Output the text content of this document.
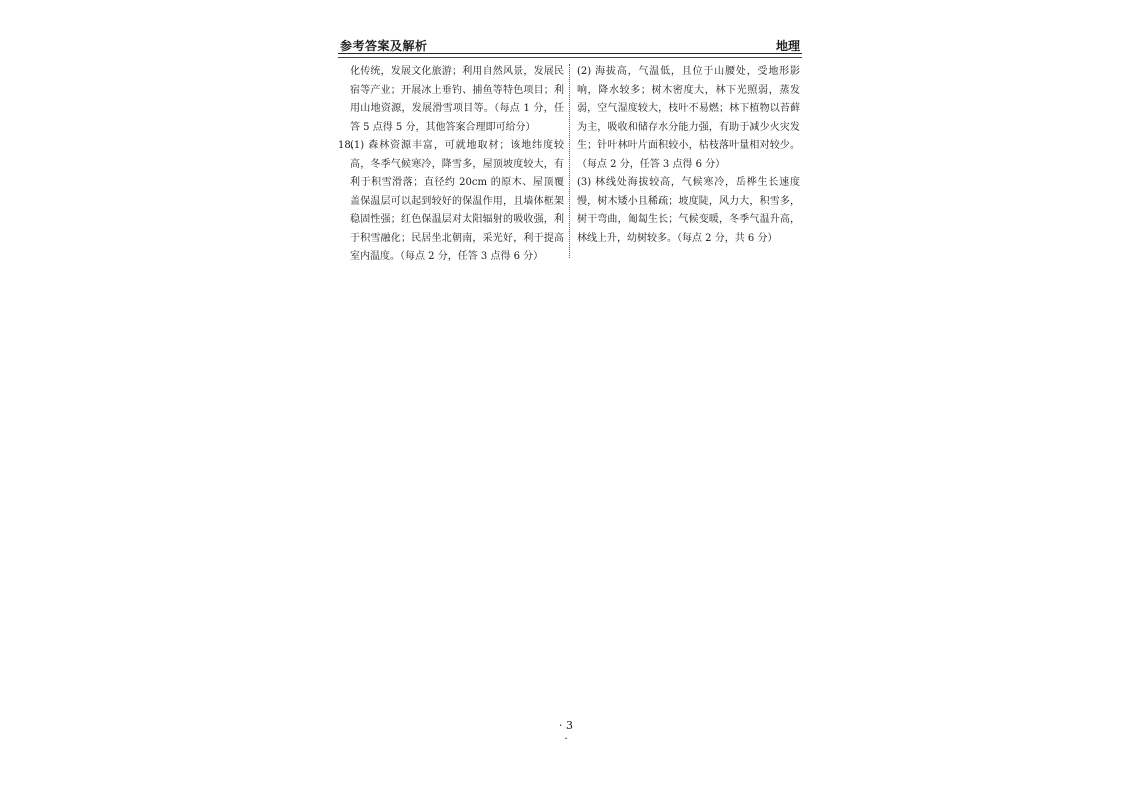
参考答案及解析	地理

化传统，发展文化旅游；利用自然风景，发展民宿等产业；开展冰上垂钓、捕鱼等特色项目；利用山地资源，发展滑雪项目等。（每点 1 分，任答 5 点得 5 分，其他答案合理即可给分）

18.(1) 森林资源丰富，可就地取材；该地纬度较高，冬季气候寒冷，降雪多，屋顶坡度较大，有利于积雪滑落；直径约 20cm 的原木、屋顶覆盖保温层可以起到较好的保温作用，且墙体框架稳固性强；红色保温层对太阳辐射的吸收强，利于积雪融化；民居坐北朝南，采光好，利于提高室内温度。（每点 2 分，任答 3 点得 6 分）

(2) 海拔高，气温低，且位于山腰处，受地形影响，降水较多；树木密度大，林下光照弱，蒸发弱，空气湿度较大，枝叶不易燃；林下植物以苔藓为主，吸收和储存水分能力强，有助于减少火灾发生；针叶林叶片面积较小，枯枝落叶量相对较少。（每点 2 分，任答 3 点得 6 分）

(3) 林线处海拔较高，气候寒冷，岳桦生长速度慢，树木矮小且稀疏；坡度陡，风力大，积雪多，树干弯曲，匍匐生长；气候变暖，冬季气温升高，林线上升，幼树较多。（每点 2 分，共 6 分）

· 3 ·
